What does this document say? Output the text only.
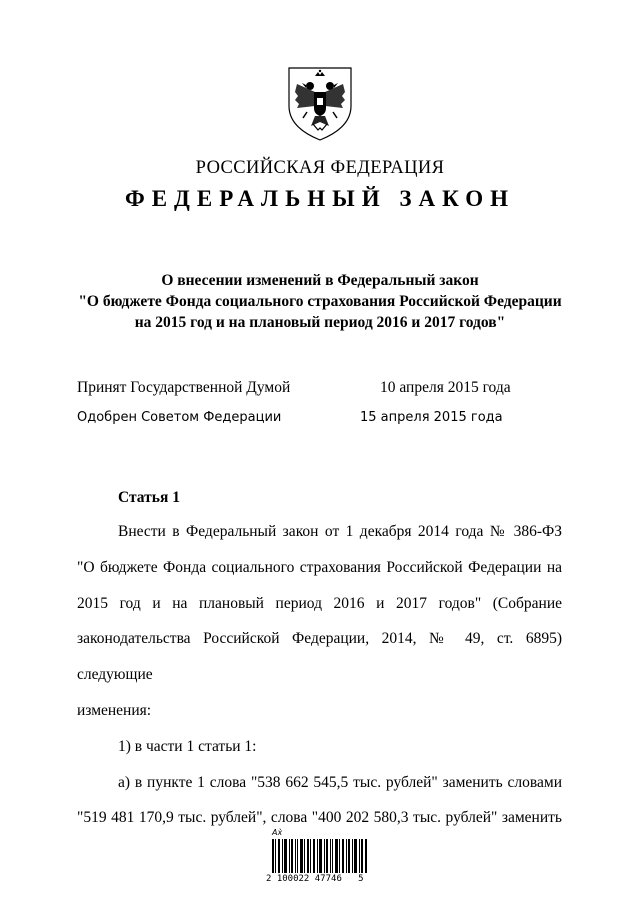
РОССИЙСКАЯ ФЕДЕРАЦИЯ
ФЕДЕРАЛЬНЫЙ ЗАКОН
О внесении изменений в Федеральный закон
"О бюджете Фонда социального страхования Российской Федерации
на 2015 год и на плановый период 2016 и 2017 годов"
Принят Государственной Думой	10 апреля 2015 года
Одобрен Советом Федерации	15 апреля 2015 года
Статья 1

Внести в Федеральный закон от 1 декабря 2014 года № 386-ФЗ

"О бюджете Фонда социального страхования Российской Федерации на

2015 год и на плановый период 2016 и 2017 годов" (Собрание

законодательства Российской Федерации, 2014, № 49, ст. 6895) следующие

изменения:

1) в части 1 статьи 1:

а) в пункте 1 слова "538 662 545,5 тыс. рублей" заменить словами

"519 481 170,9 тыс. рублей", слова "400 202 580,3 тыс. рублей" заменить

Ax̀
2 100022 47746   5
